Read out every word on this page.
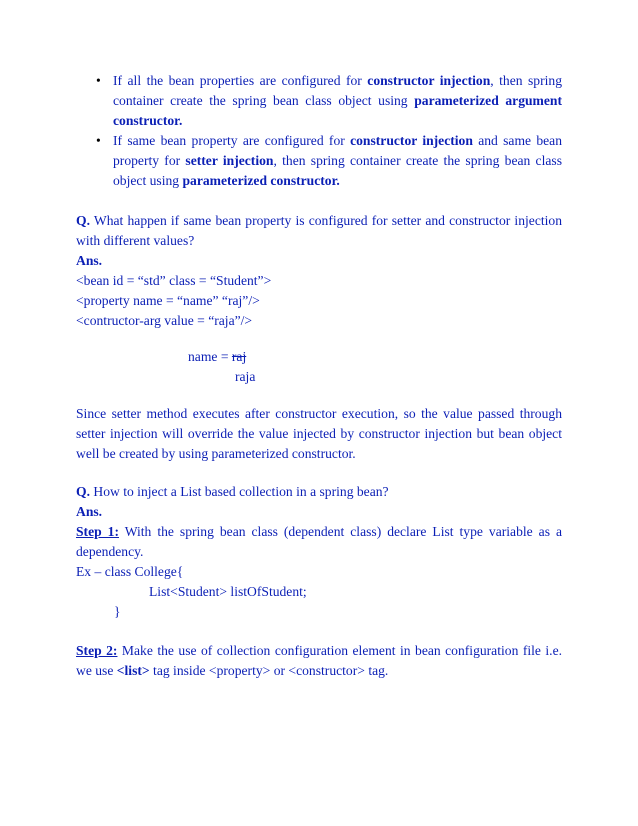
• If all the bean properties are configured for constructor injection, then spring container create the spring bean class object using parameterized argument constructor.
• If same bean property are configured for constructor injection and same bean property for setter injection, then spring container create the spring bean class object using parameterized constructor.
Q. What happen if same bean property is configured for setter and constructor injection with different values?
Ans.
<bean id = “std” class = “Student”>
<property name = “name” “raj”/>
<contructor-arg value = “raja”/>
name = raj
raja
Since setter method executes after constructor execution, so the value passed through setter injection will override the value injected by constructor injection but bean object well be created by using parameterized constructor.
Q. How to inject a List based collection in a spring bean?
Ans.
Step 1: With the spring bean class (dependent class) declare List type variable as a dependency.
Ex – class College{
List<Student> listOfStudent;
}
Step 2: Make the use of collection configuration element in bean configuration file i.e. we use <list> tag inside <property> or <constructor> tag.
